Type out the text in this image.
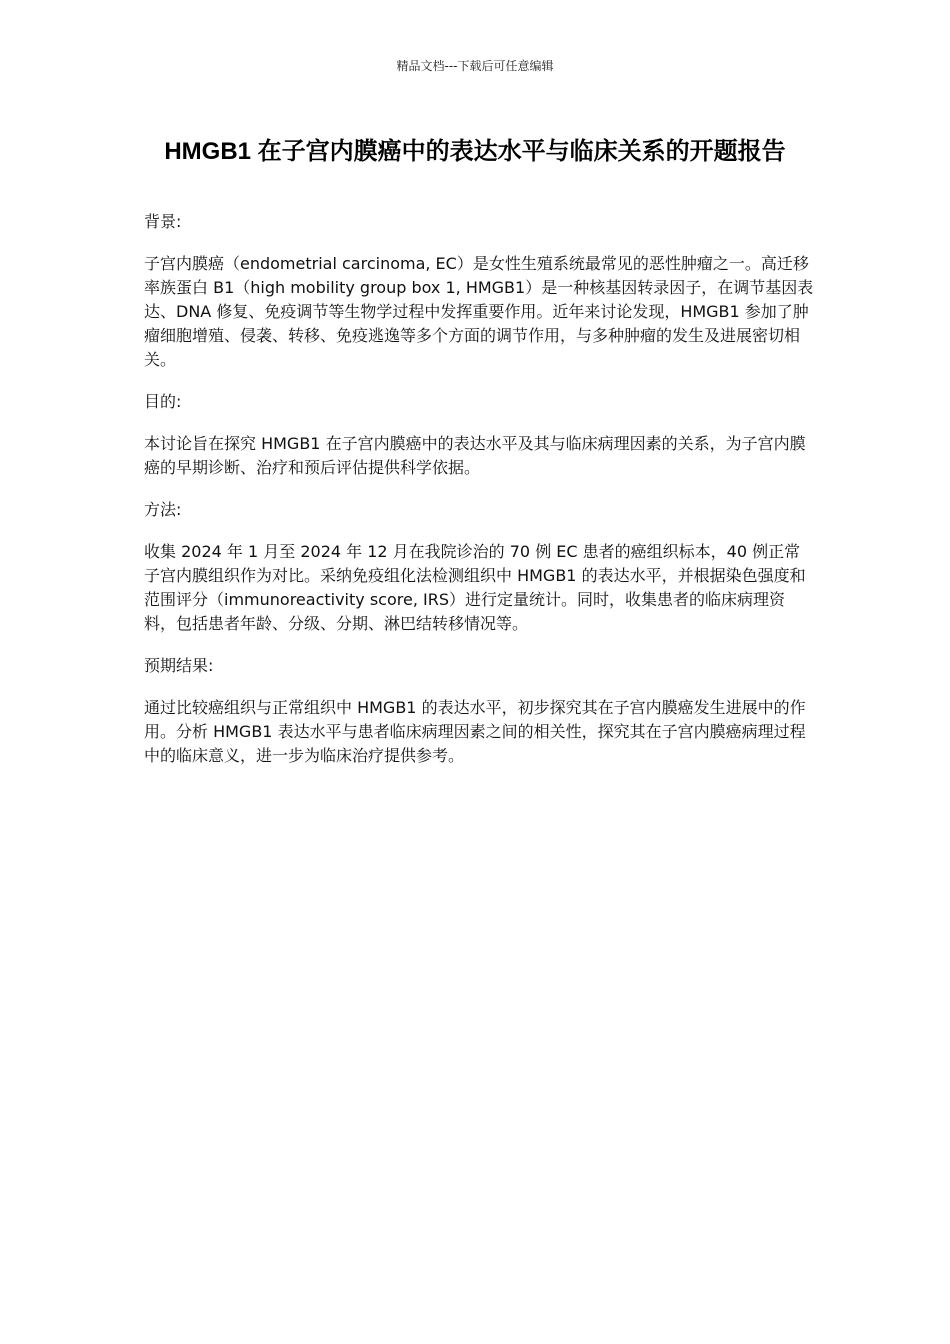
精品文档---下载后可任意编辑
HMGB1 在子宫内膜癌中的表达水平与临床关系的开题报告

背景:

子宫内膜癌（endometrial carcinoma, EC）是女性生殖系统最常见的恶性肿瘤之一。高迁移率族蛋白 B1（high mobility group box 1, HMGB1）是一种核基因转录因子，在调节基因表达、DNA 修复、免疫调节等生物学过程中发挥重要作用。近年来讨论发现，HMGB1 参加了肿瘤细胞增殖、侵袭、转移、免疫逃逸等多个方面的调节作用，与多种肿瘤的发生及进展密切相关。

目的:

本讨论旨在探究 HMGB1 在子宫内膜癌中的表达水平及其与临床病理因素的关系，为子宫内膜癌的早期诊断、治疗和预后评估提供科学依据。

方法:

收集 2024 年 1 月至 2024 年 12 月在我院诊治的 70 例 EC 患者的癌组织标本，40 例正常子宫内膜组织作为对比。采纳免疫组化法检测组织中 HMGB1 的表达水平，并根据染色强度和范围评分（immunoreactivity score, IRS）进行定量统计。同时，收集患者的临床病理资料，包括患者年龄、分级、分期、淋巴结转移情况等。

预期结果:

通过比较癌组织与正常组织中 HMGB1 的表达水平，初步探究其在子宫内膜癌发生进展中的作用。分析 HMGB1 表达水平与患者临床病理因素之间的相关性，探究其在子宫内膜癌病理过程中的临床意义，进一步为临床治疗提供参考。
